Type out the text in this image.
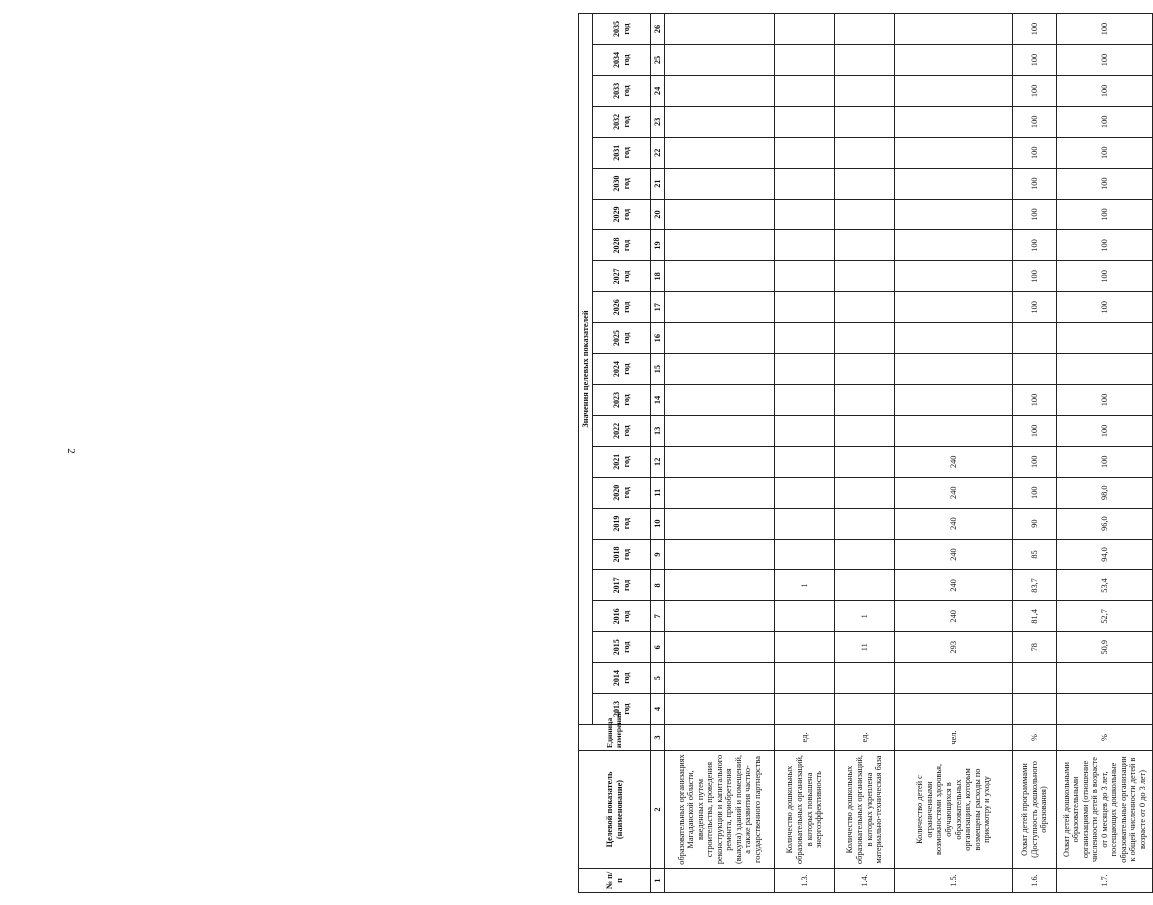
2
№ п/п	Целевой показатель (наименование)	Единица измерения	Значения целевых показателей																						
			2013 год	2014 год	2015 год	2016 год	2017 год	2018 год	2019 год	2020 год	2021 год	2022 год	2023 год	2024 год	2025 год	2026 год	2027 год	2028 год	2029 год	2030 год	2031 год	2032 год	2033 год	2034 год	2035 год
1	2	3	4	5	6	7	8	9	10	11	12	13	14	15	16	17	18	19	20	21	22	23	24	25	26
	образовательных организациях Магаданской области, введенных путем строительства, проведения реконструкции и капитального ремонта, приобретения (выкупа) зданий и помещений, а также развития частно-государственного партнерства																								
1.3.	Количество дошкольных образовательных организаций, в которых повышена энергоэффективность	ед.					1																		
1.4.	Количество дошкольных образовательных организаций, в которых укреплена материально-техническая база	ед.			11	1																			
1.5.	Количество детей с ограниченными возможностями здоровья, обучающихся в образовательных организациях, которым возмещены расходы по присмотру и уходу	чел.			293	240	240	240	240	240	240														
1.6.	Охват детей программами (Доступность дошкольного образования)	%			78	81,4	83,7	85	90	100	100	100	100			100	100	100	100	100	100	100	100	100	100
1.7.	Охват детей дошкольными образовательными организациями (отношение численности детей в возрасте от 0 месяцев до 3 лет, посещающих дошкольные образовательные организации к общей численности детей в возрасте от 0 до 3 лет)	%			50,9	52,7	53,4	94,0	96,0	98,0	100	100	100			100	100	100	100	100	100	100	100	100	100
